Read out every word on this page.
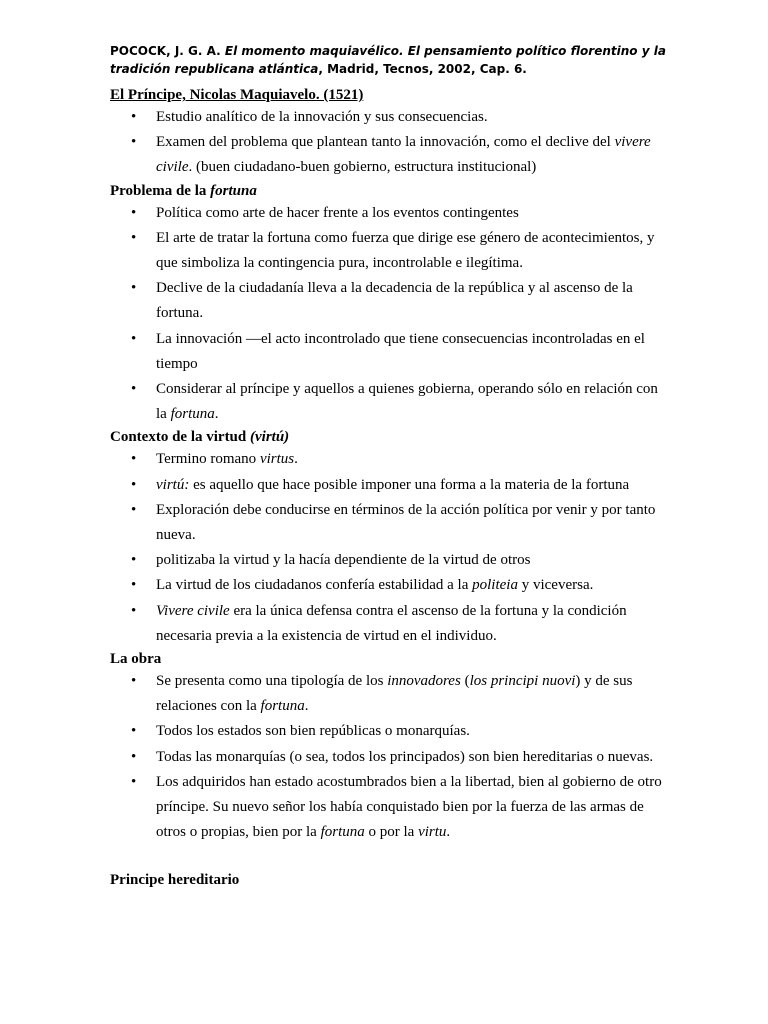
POCOCK, J. G. A. El momento maquiavélico. El pensamiento político florentino y la tradición republicana atlántica, Madrid, Tecnos, 2002, Cap. 6.
El Príncipe, Nicolas Maquiavelo. (1521)
• Estudio analítico de la innovación y sus consecuencias.
• Examen del problema que plantean tanto la innovación, como el declive del vivere civile. (buen ciudadano-buen gobierno, estructura institucional)
Problema de la fortuna
• Política como arte de hacer frente a los eventos contingentes
• El arte de tratar la fortuna como fuerza que dirige ese género de acontecimientos, y que simboliza la contingencia pura, incontrolable e ilegítima.
• Declive de la ciudadanía lleva a la decadencia de la república y al ascenso de la fortuna.
• La innovación —el acto incontrolado que tiene consecuencias incontroladas en el tiempo
• Considerar al príncipe y aquellos a quienes gobierna, operando sólo en relación con la fortuna.
Contexto de la virtud (virtú)
• Termino romano virtus.
• virtú: es aquello que hace posible imponer una forma a la materia de la fortuna
• Exploración debe conducirse en términos de la acción política por venir y por tanto nueva.
• politizaba la virtud y la hacía dependiente de la virtud de otros
• La virtud de los ciudadanos confería estabilidad a la politeia y viceversa.
• Vivere civile era la única defensa contra el ascenso de la fortuna y la condición necesaria previa a la existencia de virtud en el individuo.
La obra
• Se presenta como una tipología de los innovadores (los principi nuovi) y de sus relaciones con la fortuna.
• Todos los estados son bien repúblicas o monarquías.
• Todas las monarquías (o sea, todos los principados) son bien hereditarias o nuevas.
• Los adquiridos han estado acostumbrados bien a la libertad, bien al gobierno de otro príncipe. Su nuevo señor los había conquistado bien por la fuerza de las armas de otros o propias, bien por la fortuna o por la virtu.
Principe hereditario
